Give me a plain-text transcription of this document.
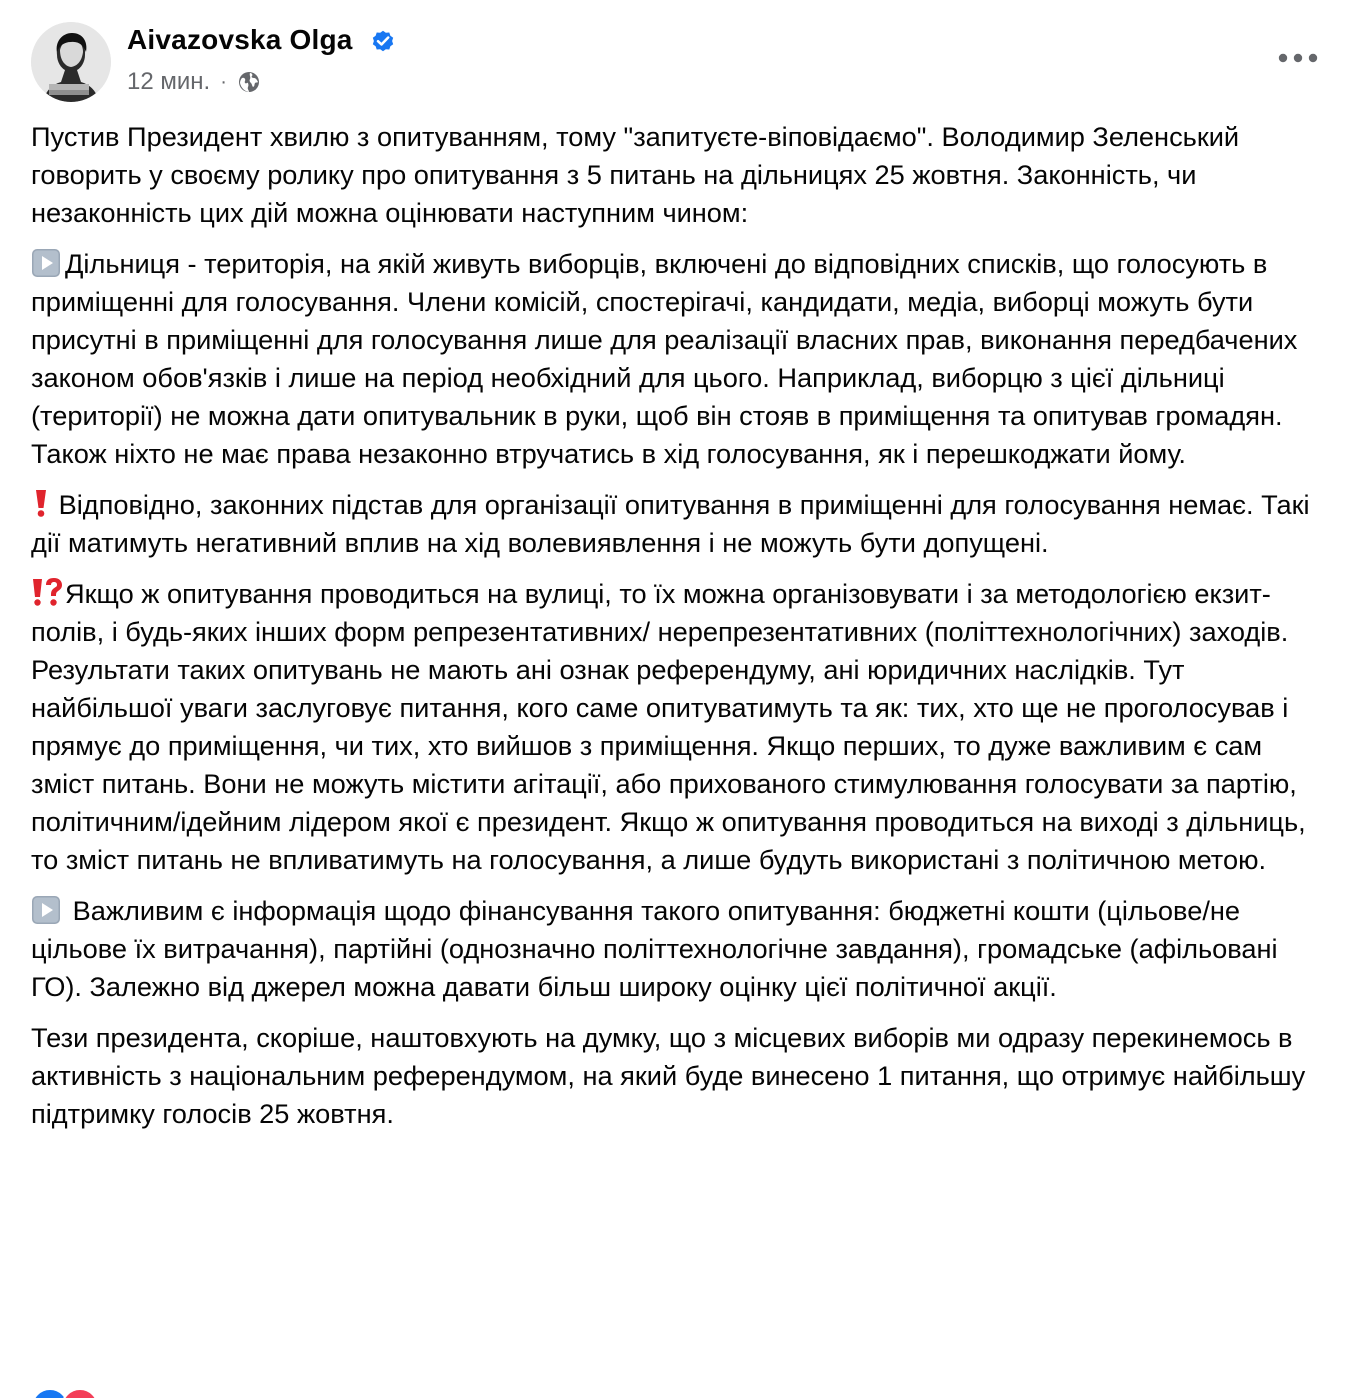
Aivazovska Olga
12 мин. ·

Пустив Президент хвилю з опитуванням, тому "запитуєте-віповідаємо". Володимир Зеленський говорить у своєму ролику про опитування з 5 питань на дільницях 25 жовтня. Законність, чи незаконність цих дій можна оцінювати наступним чином:

Дільниця - територія, на якій живуть виборців, включені до відповідних списків, що голосують в приміщенні для голосування. Члени комісій, спостерігачі, кандидати, медіа, виборці можуть бути присутні в приміщенні для голосування лише для реалізації власних прав, виконання передбачених законом обов'язків і лише на період необхідний для цього. Наприклад, виборцю з цієї дільниці (території) не можна дати опитувальник в руки, щоб він стояв в приміщення та опитував громадян. Також ніхто не має права незаконно втручатись в хід голосування, як і перешкоджати йому.

Відповідно, законних підстав для організації опитування в приміщенні для голосування немає. Такі дії матимуть негативний вплив на хід волевиявлення і не можуть бути допущені.

Якщо ж опитування проводиться на вулиці, то їх можна організовувати і за методологією екзит-полів, і будь-яких інших форм репрезентативних/ нерепрезентативних (політтехнологічних) заходів. Результати таких опитувань не мають ані ознак референдуму, ані юридичних наслідків. Тут найбільшої уваги заслуговує питання, кого саме опитуватимуть та як: тих, хто ще не проголосував і прямує до приміщення, чи тих, хто вийшов з приміщення. Якщо перших, то дуже важливим є сам зміст питань. Вони не можуть містити агітації, або прихованого стимулювання голосувати за партію, політичним/ідейним лідером якої є президент. Якщо ж опитування проводиться на виході з дільниць, то зміст питань не впливатимуть на голосування, а лише будуть використані з політичною метою.

Важливим є інформація щодо фінансування такого опитування: бюджетні кошти (цільове/не цільове їх витрачання), партійні (однозначно політтехнологічне завдання), громадське (афільовані ГО). Залежно від джерел можна давати більш широку оцінку цієї політичної акції.

Тези президента, скоріше, наштовхують на думку, що з місцевих виборів ми одразу перекинемось в активність з національним референдумом, на який буде винесено 1 питання, що отримує найбільшу підтримку голосів 25 жовтня.
